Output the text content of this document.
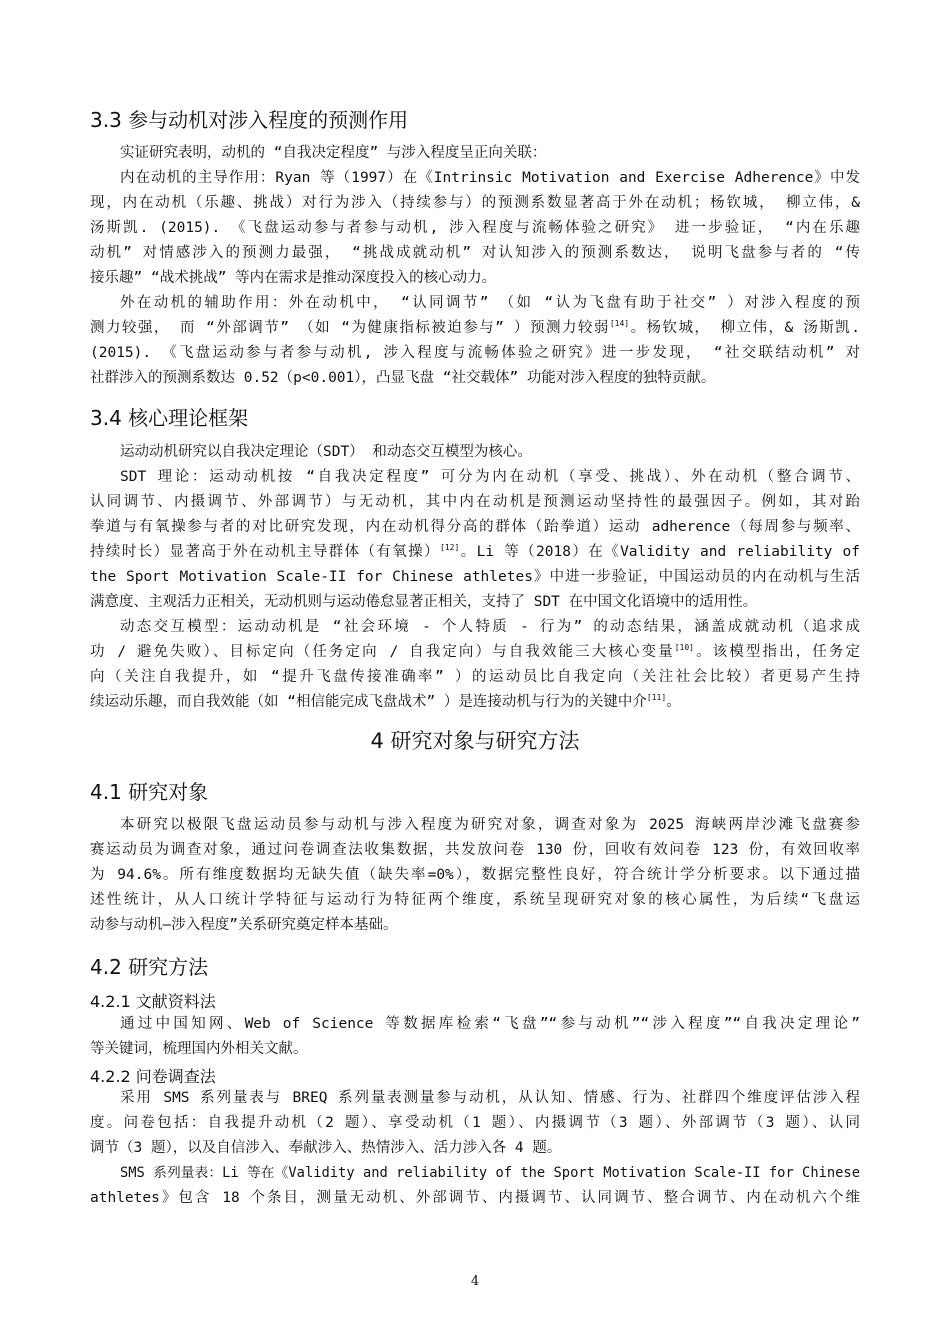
3.3 参与动机对涉入程度的预测作用
实证研究表明，动机的 “自我决定程度” 与涉入程度呈正向关联：
内在动机的主导作用：Ryan 等（1997）在《Intrinsic Motivation and Exercise Adherence》中发
现，内在动机（乐趣、挑战）对行为涉入（持续参与）的预测系数显著高于外在动机；杨钦城， 柳立伟，&
汤斯凯. (2015). 《飞盘运动参与者参与动机, 涉入程度与流畅体验之研究》 进一步验证， “内在乐趣
动机” 对情感涉入的预测力最强， “挑战成就动机” 对认知涉入的预测系数达， 说明飞盘参与者的 “传
接乐趣” “战术挑战” 等内在需求是推动深度投入的核心动力。
外在动机的辅助作用：外在动机中， “认同调节” （如 “认为飞盘有助于社交” ）对涉入程度的预
测力较强， 而 “外部调节” （如 “为健康指标被迫参与” ）预测力较弱[14]。杨钦城， 柳立伟，& 汤斯凯.
(2015). 《飞盘运动参与者参与动机, 涉入程度与流畅体验之研究》进一步发现， “社交联结动机” 对
社群涉入的预测系数达 0.52（p<0.001），凸显飞盘 “社交载体” 功能对涉入程度的独特贡献。
3.4 核心理论框架
运动动机研究以自我决定理论（SDT） 和动态交互模型为核心。
SDT 理论：运动动机按 “自我决定程度” 可分为内在动机（享受、挑战）、外在动机（整合调节、
认同调节、内摄调节、外部调节）与无动机，其中内在动机是预测运动坚持性的最强因子。例如，其对跆
拳道与有氧操参与者的对比研究发现，内在动机得分高的群体（跆拳道）运动 adherence（每周参与频率、
持续时长）显著高于外在动机主导群体（有氧操）[12]。Li 等（2018）在《Validity and reliability of
the Sport Motivation Scale-II for Chinese athletes》中进一步验证，中国运动员的内在动机与生活
满意度、主观活力正相关，无动机则与运动倦怠显著正相关，支持了 SDT 在中国文化语境中的适用性。
动态交互模型：运动动机是 “社会环境 - 个人特质 - 行为” 的动态结果，涵盖成就动机（追求成
功 / 避免失败）、目标定向（任务定向 / 自我定向）与自我效能三大核心变量[10]。该模型指出，任务定
向（关注自我提升，如 “提升飞盘传接准确率” ）的运动员比自我定向（关注社会比较）者更易产生持
续运动乐趣，而自我效能（如 “相信能完成飞盘战术” ）是连接动机与行为的关键中介[11]。
4 研究对象与研究方法
4.1 研究对象
本研究以极限飞盘运动员参与动机与涉入程度为研究对象，调查对象为 2025 海峡两岸沙滩飞盘赛参
赛运动员为调查对象，通过问卷调查法收集数据，共发放问卷 130 份，回收有效问卷 123 份，有效回收率
为 94.6%。所有维度数据均无缺失值（缺失率=0%），数据完整性良好，符合统计学分析要求。以下通过描
述性统计，从人口统计学特征与运动行为特征两个维度，系统呈现研究对象的核心属性，为后续“飞盘运
动参与动机—涉入程度”关系研究奠定样本基础。
4.2 研究方法
4.2.1 文献资料法
通过中国知网、Web of Science 等数据库检索“飞盘”“参与动机”“涉入程度”“自我决定理论”
等关键词，梳理国内外相关文献。
4.2.2 问卷调查法
采用 SMS 系列量表与 BREQ 系列量表测量参与动机，从认知、情感、行为、社群四个维度评估涉入程
度。问卷包括：自我提升动机（2 题）、享受动机（1 题）、内摄调节（3 题）、外部调节（3 题）、认同
调节（3 题），以及自信涉入、奉献涉入、热情涉入、活力涉入各 4 题。
SMS 系列量表：Li 等在《Validity and reliability of the Sport Motivation Scale-II for Chinese
athletes》包含 18 个条目，测量无动机、外部调节、内摄调节、认同调节、整合调节、内在动机六个维
4
